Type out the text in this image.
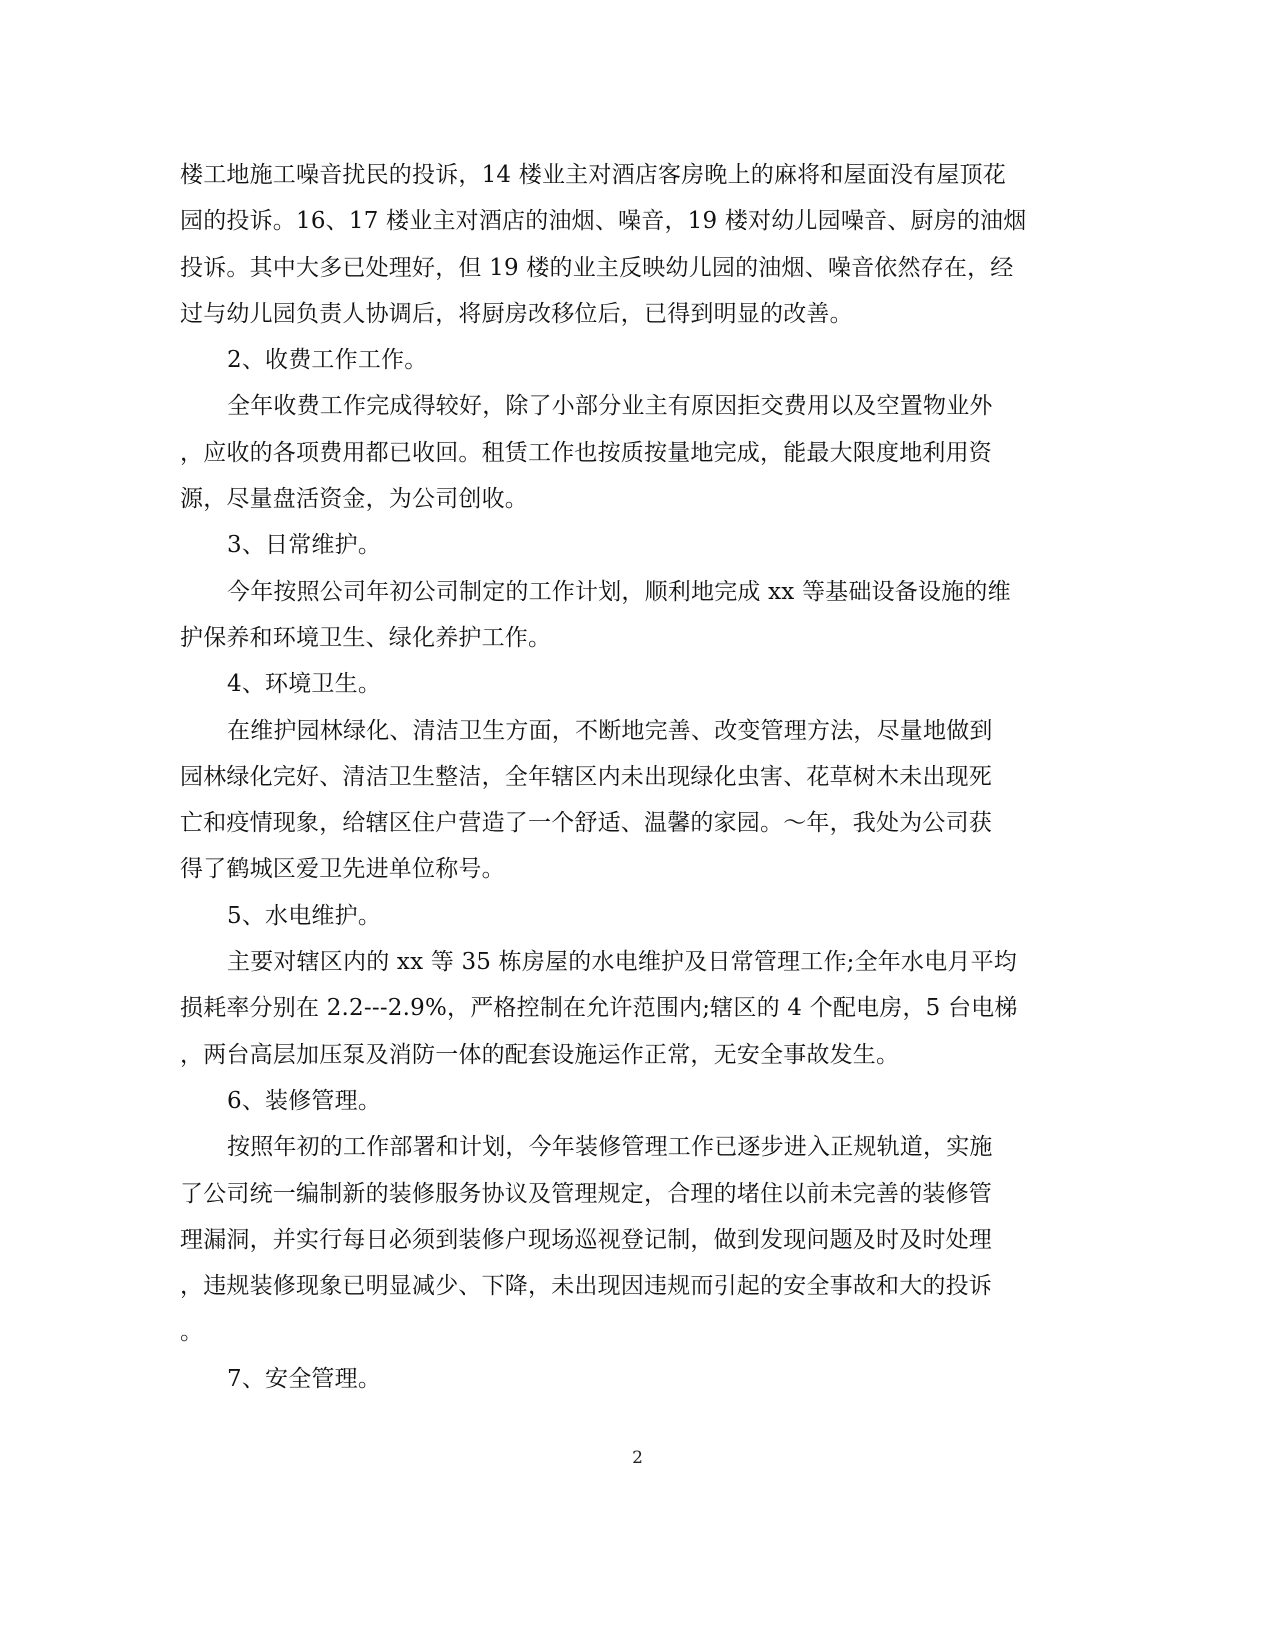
楼工地施工噪音扰民的投诉，14 楼业主对酒店客房晚上的麻将和屋面没有屋顶花
园的投诉。16、17 楼业主对酒店的油烟、噪音，19 楼对幼儿园噪音、厨房的油烟
投诉。其中大多已处理好，但 19 楼的业主反映幼儿园的油烟、噪音依然存在，经
过与幼儿园负责人协调后，将厨房改移位后，已得到明显的改善。
2、收费工作工作。
全年收费工作完成得较好，除了小部分业主有原因拒交费用以及空置物业外
，应收的各项费用都已收回。租赁工作也按质按量地完成，能最大限度地利用资
源，尽量盘活资金，为公司创收。
3、日常维护。
今年按照公司年初公司制定的工作计划，顺利地完成 xx 等基础设备设施的维
护保养和环境卫生、绿化养护工作。
4、环境卫生。
在维护园林绿化、清洁卫生方面，不断地完善、改变管理方法，尽量地做到
园林绿化完好、清洁卫生整洁，全年辖区内未出现绿化虫害、花草树木未出现死
亡和疫情现象，给辖区住户营造了一个舒适、温馨的家园。～年，我处为公司获
得了鹤城区爱卫先进单位称号。
5、水电维护。
主要对辖区内的 xx 等 35 栋房屋的水电维护及日常管理工作;全年水电月平均
损耗率分别在 2.2---2.9%，严格控制在允许范围内;辖区的 4 个配电房，5 台电梯
，两台高层加压泵及消防一体的配套设施运作正常，无安全事故发生。
6、装修管理。
按照年初的工作部署和计划，今年装修管理工作已逐步进入正规轨道，实施
了公司统一编制新的装修服务协议及管理规定，合理的堵住以前未完善的装修管
理漏洞，并实行每日必须到装修户现场巡视登记制，做到发现问题及时及时处理
，违规装修现象已明显减少、下降，未出现因违规而引起的安全事故和大的投诉
。
7、安全管理。
2
